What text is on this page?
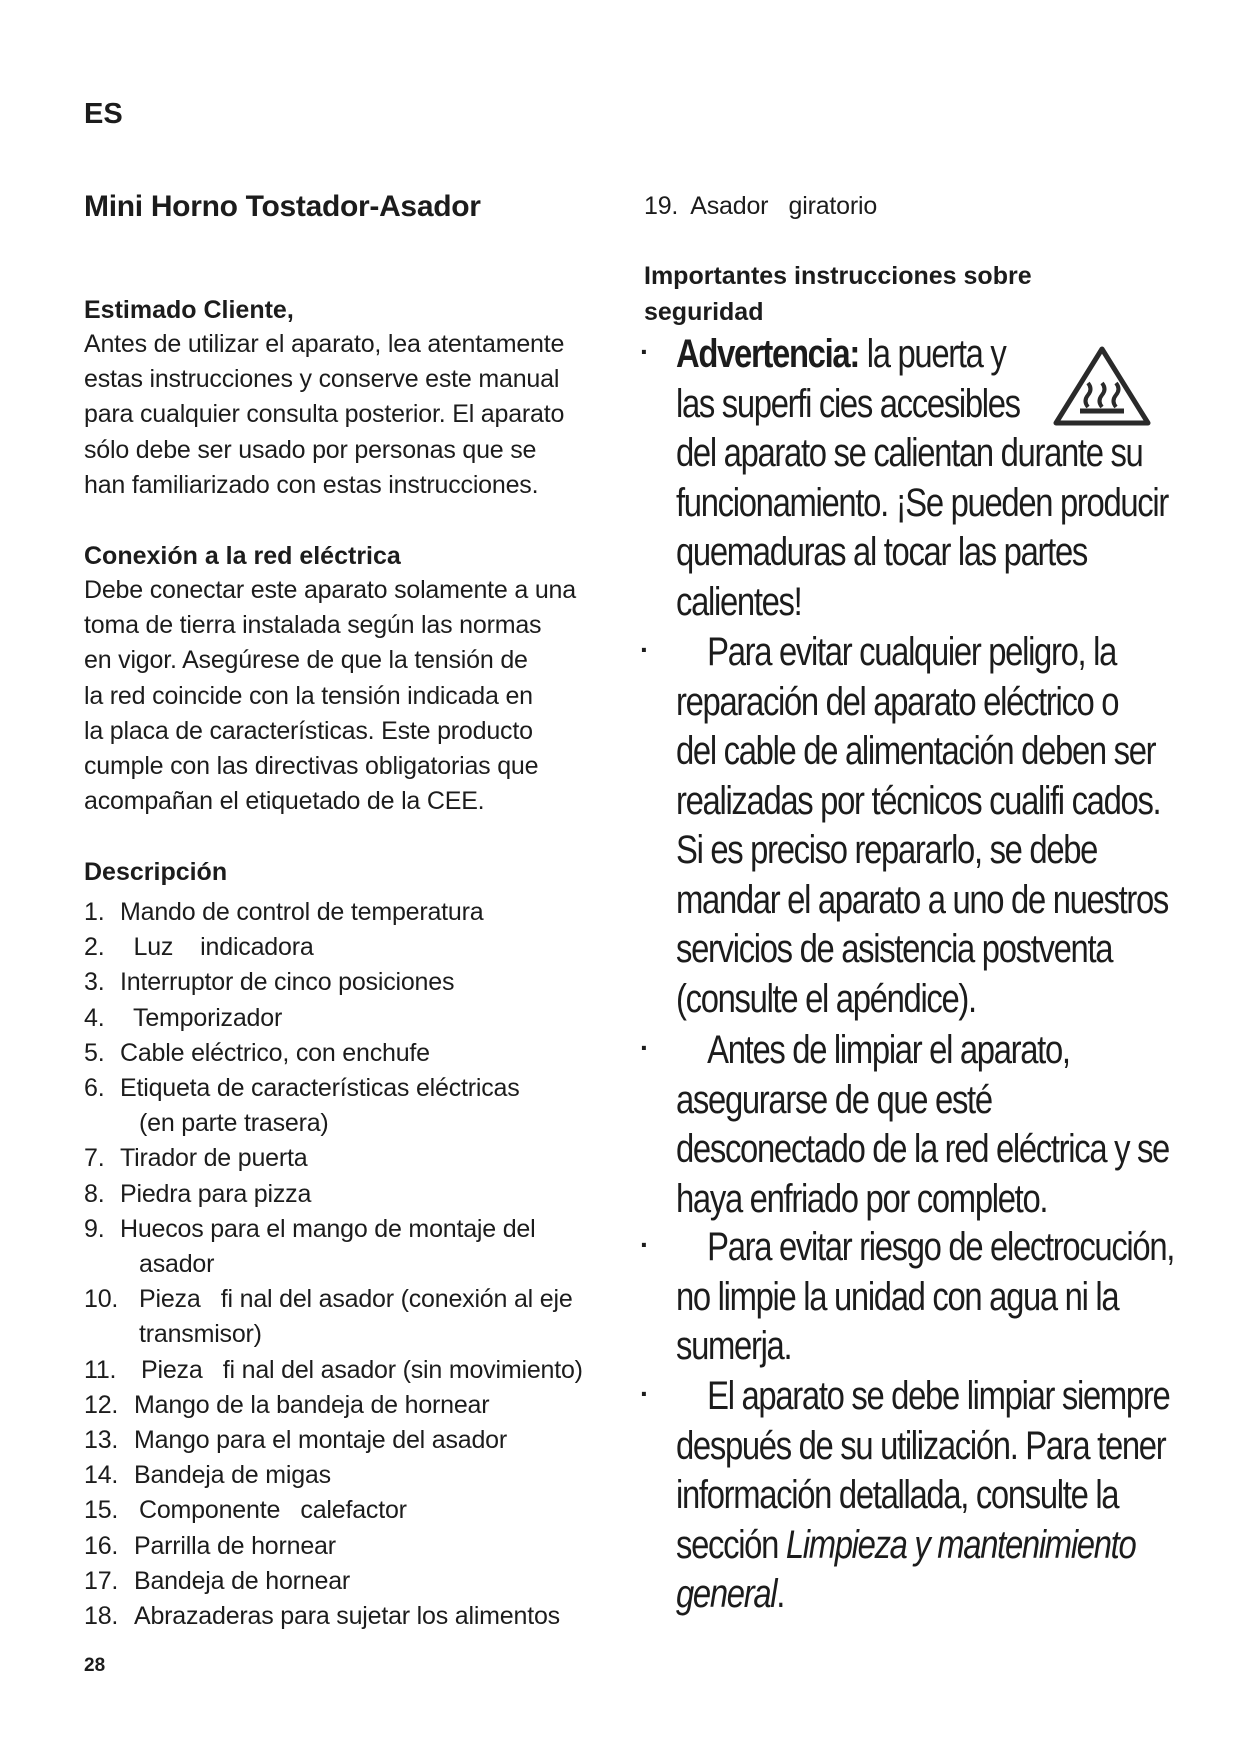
ES
Mini Horno Tostador-Asador
Estimado Cliente,
Antes de utilizar el aparato, lea atentamente
estas instrucciones y conserve este manual
para cualquier consulta posterior. El aparato
sólo debe ser usado por personas que se
han familiarizado con estas instrucciones.
Conexión a la red eléctrica
Debe conectar este aparato solamente a una
toma de tierra instalada según las normas
en vigor. Asegúrese de que la tensión de
la red coincide con la tensión indicada en
la placa de características. Este producto
cumple con las directivas obligatorias que
acompañan el etiquetado de la CEE.
Descripción
1. Mando de control de temperatura
2.  Luz    indicadora
3. Interruptor de cinco posiciones
4.  Temporizador
5. Cable eléctrico, con enchufe
6. Etiqueta de características eléctricas
(en parte trasera)
7. Tirador de puerta
8. Piedra para pizza
9. Huecos para el mango de montaje del
asador
10. Pieza   fi nal del asador (conexión al eje
transmisor)
11. Pieza   fi nal del asador (sin movimiento)
12. Mango de la bandeja de hornear
13. Mango para el montaje del asador
14. Bandeja de migas
15. Componente   calefactor
16. Parrilla de hornear
17. Bandeja de hornear
18. Abrazaderas para sujetar los alimentos
28
19.  Asador   giratorio
Importantes instrucciones sobre
seguridad
· Advertencia: la puerta y
las superfi cies accesibles
del aparato se calientan durante su
funcionamiento. ¡Se pueden producir
quemaduras al tocar las partes
calientes!
·	Para evitar cualquier peligro, la
reparación del aparato eléctrico o
del cable de alimentación deben ser
realizadas por técnicos cualifi cados.
Si es preciso repararlo, se debe
mandar el aparato a uno de nuestros
servicios de asistencia postventa
(consulte el apéndice).
·	Antes de limpiar el aparato,
asegurarse de que esté
desconectado de la red eléctrica y se
haya enfriado por completo.
·	Para evitar riesgo de electrocución,
no limpie la unidad con agua ni la
sumerja.
·	El aparato se debe limpiar siempre
después de su utilización. Para tener
información detallada, consulte la
sección Limpieza y mantenimiento
general.
